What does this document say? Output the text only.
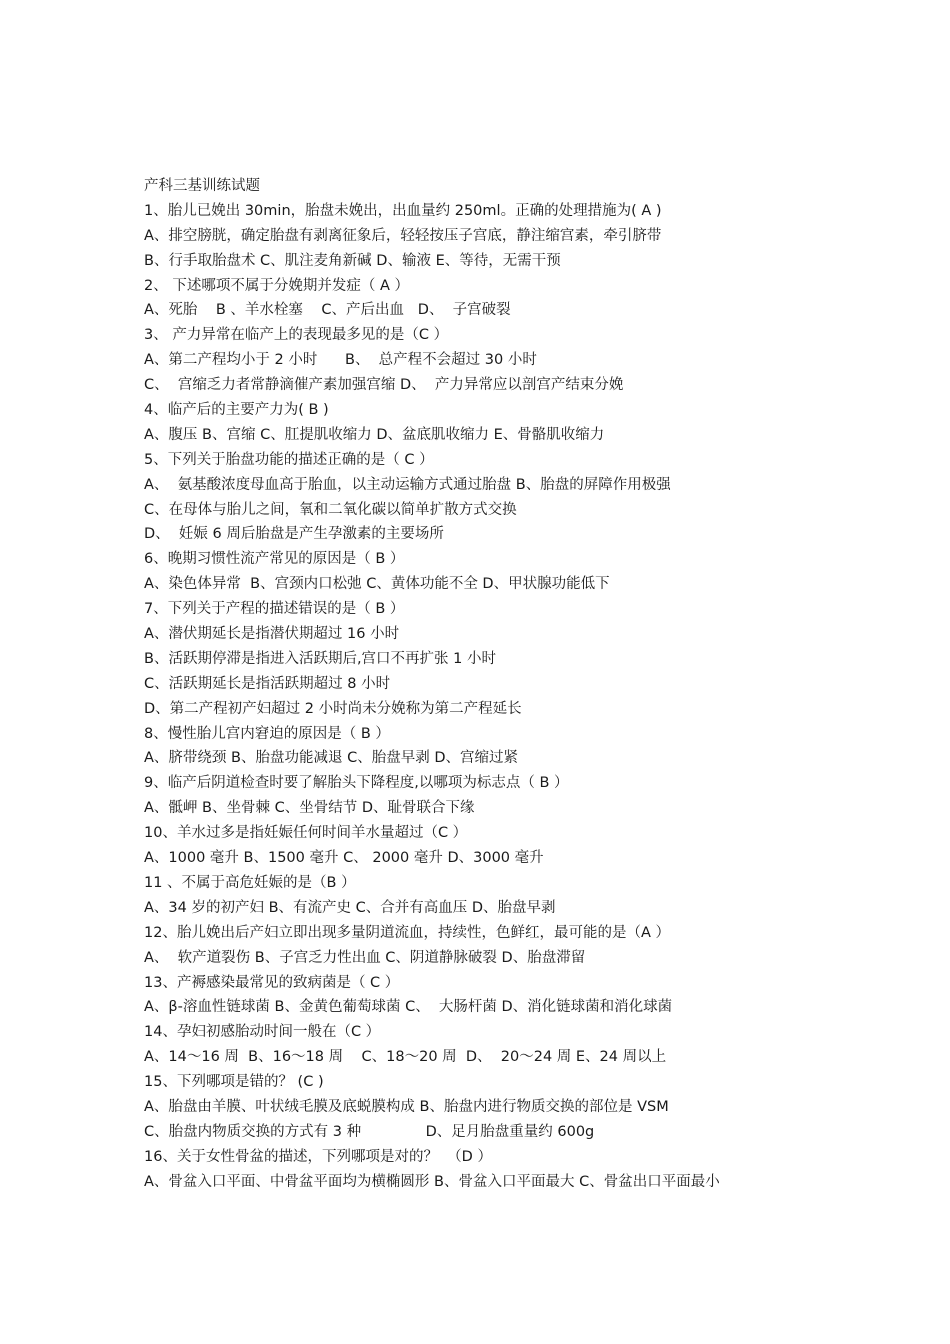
产科三基训练试题
1、胎儿已娩出 30min，胎盘未娩出，出血量约 250ml。正确的处理措施为( A )
A、排空膀胱，确定胎盘有剥离征象后，轻轻按压子宫底，静注缩宫素，牵引脐带
B、行手取胎盘术 C、肌注麦角新碱 D、输液 E、等待，无需干预
2、 下述哪项不属于分娩期并发症（ A ）
A、死胎    B 、羊水栓塞    C、产后出血   D、  子宫破裂
3、 产力异常在临产上的表现最多见的是（C ）
A、第二产程均小于 2 小时      B、  总产程不会超过 30 小时
C、  宫缩乏力者常静滴催产素加强宫缩 D、  产力异常应以剖宫产结束分娩
4、临产后的主要产力为( B )
A、腹压 B、宫缩 C、肛提肌收缩力 D、盆底肌收缩力 E、骨骼肌收缩力
5、下列关于胎盘功能的描述正确的是（ C ）
A、  氨基酸浓度母血高于胎血，以主动运输方式通过胎盘 B、胎盘的屏障作用极强
C、在母体与胎儿之间，氧和二氧化碳以简单扩散方式交换
D、  妊娠 6 周后胎盘是产生孕激素的主要场所
6、晚期习惯性流产常见的原因是（ B ）
A、染色体异常  B、宫颈内口松弛 C、黄体功能不全 D、甲状腺功能低下
7、下列关于产程的描述错误的是（ B ）
A、潜伏期延长是指潜伏期超过 16 小时
B、活跃期停滞是指进入活跃期后,宫口不再扩张 1 小时
C、活跃期延长是指活跃期超过 8 小时
D、第二产程初产妇超过 2 小时尚未分娩称为第二产程延长
8、慢性胎儿宫内窘迫的原因是（ B ）
A、脐带绕颈 B、胎盘功能减退 C、胎盘早剥 D、宫缩过紧
9、临产后阴道检查时要了解胎头下降程度,以哪项为标志点（ B ）
A、骶岬 B、坐骨棘 C、坐骨结节 D、耻骨联合下缘
10、羊水过多是指妊娠任何时间羊水量超过（C ）
A、1000 毫升 B、1500 毫升 C、 2000 毫升 D、3000 毫升
11 、不属于高危妊娠的是（B ）
A、34 岁的初产妇 B、有流产史 C、合并有高血压 D、胎盘早剥
12、胎儿娩出后产妇立即出现多量阴道流血，持续性，色鲜红，最可能的是（A ）
A、  软产道裂伤 B、子宫乏力性出血 C、阴道静脉破裂 D、胎盘滞留
13、产褥感染最常见的致病菌是（ C ）
A、β-溶血性链球菌 B、金黄色葡萄球菌 C、  大肠杆菌 D、消化链球菌和消化球菌
14、孕妇初感胎动时间一般在（C ）
A、14～16 周  B、16～18 周    C、18～20 周  D、  20～24 周 E、24 周以上
15、下列哪项是错的？ (C )
A、胎盘由羊膜、叶状绒毛膜及底蜕膜构成 B、胎盘内进行物质交换的部位是 VSM
C、胎盘内物质交换的方式有 3 种              D、足月胎盘重量约 600g
16、关于女性骨盆的描述，下列哪项是对的？  （D ）
A、骨盆入口平面、中骨盆平面均为横椭圆形 B、骨盆入口平面最大 C、骨盆出口平面最小
